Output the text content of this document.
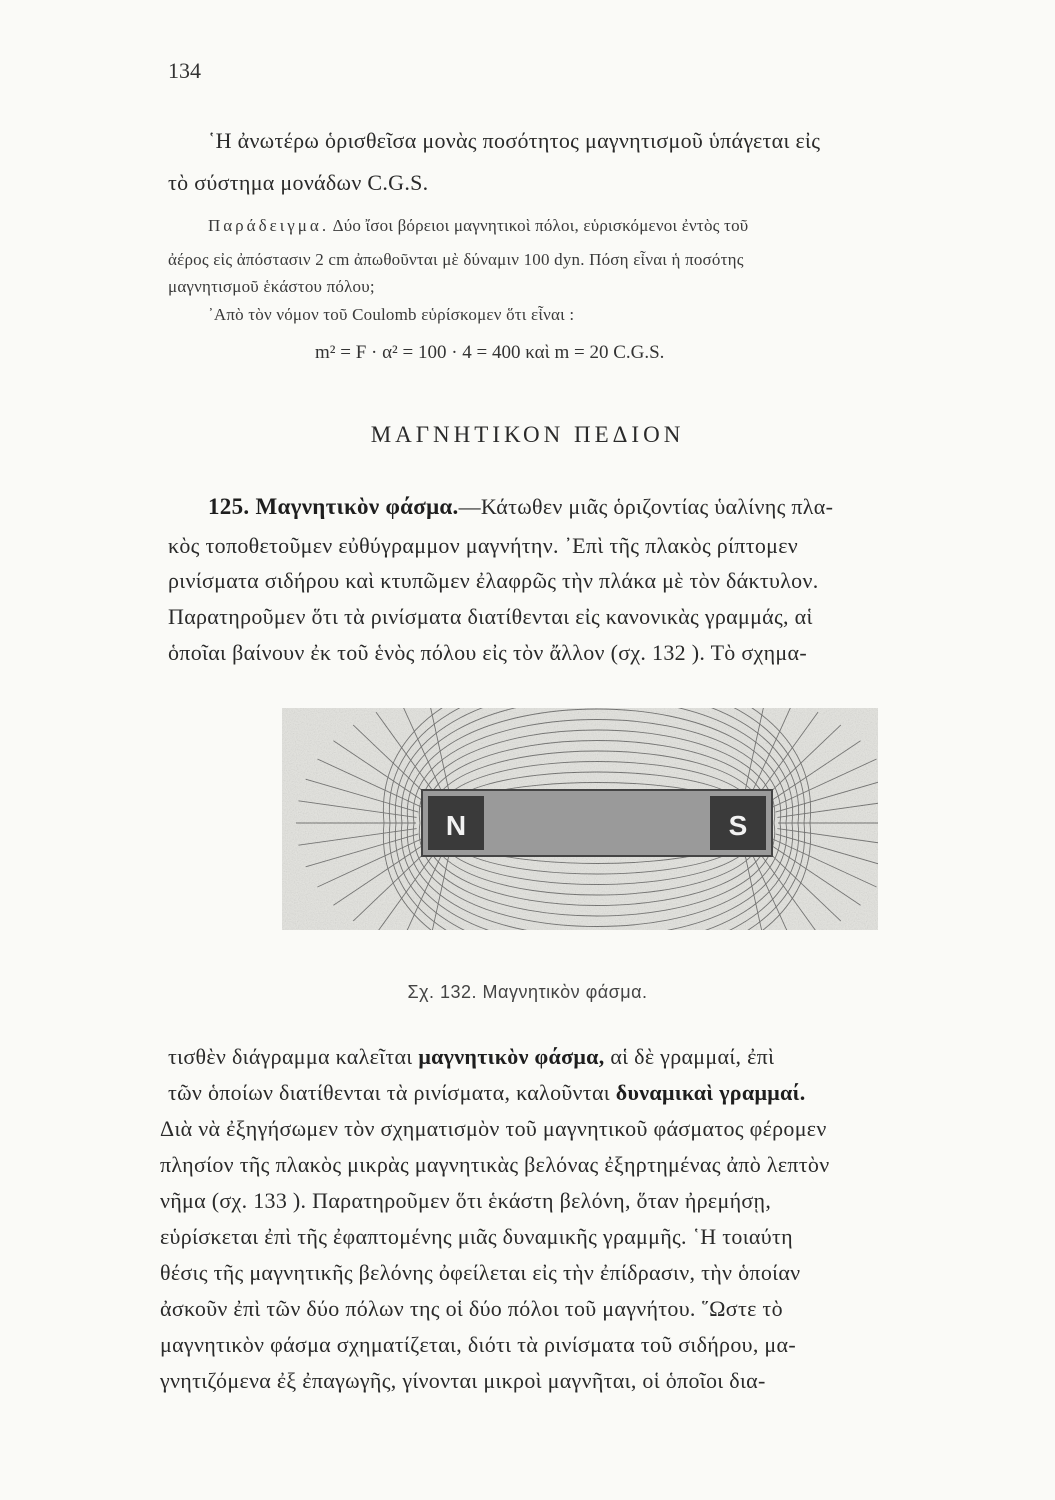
134
῾Η ἀνωτέρω ὁρισθεῖσα μονὰς ποσότητος μαγνητισμοῦ ὑπάγεται εἰς
τὸ σύστημα μονάδων C.G.S.
Παράδειγμα. Δύο ἴσοι βόρειοι μαγνητικοὶ πόλοι, εὑρισκόμενοι ἐντὸς τοῦ
ἀέρος εἰς ἀπόστασιν 2 cm ἀπωθοῦνται μὲ δύναμιν 100 dyn. Πόση εἶναι ἡ ποσότης
μαγνητισμοῦ ἑκάστου πόλου;
᾿Απὸ τὸν νόμον τοῦ Coulomb εὑρίσκομεν ὅτι εἶναι :
m² = F · α² = 100 · 4 = 400 καὶ m = 20 C.G.S.
ΜΑΓΝΗΤΙΚΟΝ ΠΕΔΙΟΝ
125. Μαγνητικὸν φάσμα.—Κάτωθεν μιᾶς ὁριζοντίας ὑαλίνης πλα-
κὸς τοποθετοῦμεν εὐθύγραμμον μαγνήτην. ᾿Επὶ τῆς πλακὸς ρίπτομεν
ρινίσματα σιδήρου καὶ κτυπῶμεν ἐλαφρῶς τὴν πλάκα μὲ τὸν δάκτυλον.
Παρατηροῦμεν ὅτι τὰ ρινίσματα διατίθενται εἰς κανονικὰς γραμμάς, αἱ
ὁποῖαι βαίνουν ἐκ τοῦ ἑνὸς πόλου εἰς τὸν ἄλλον (σχ. 132 ). Τὸ σχημα-
N	S
Σχ. 132. Μαγνητικὸν φάσμα.
τισθὲν διάγραμμα καλεῖται μαγνητικὸν φάσμα, αἱ δὲ γραμμαί, ἐπὶ
τῶν ὁποίων διατίθενται τὰ ρινίσματα, καλοῦνται δυναμικαὶ γραμμαί.
Διὰ νὰ ἐξηγήσωμεν τὸν σχηματισμὸν τοῦ μαγνητικοῦ φάσματος φέρομεν
πλησίον τῆς πλακὸς μικρὰς μαγνητικὰς βελόνας ἐξηρτημένας ἀπὸ λεπτὸν
νῆμα (σχ. 133 ). Παρατηροῦμεν ὅτι ἑκάστη βελόνη, ὅταν ἠρεμήσῃ,
εὑρίσκεται ἐπὶ τῆς ἐφαπτομένης μιᾶς δυναμικῆς γραμμῆς. ῾Η τοιαύτη
θέσις τῆς μαγνητικῆς βελόνης ὀφείλεται εἰς τὴν ἐπίδρασιν, τὴν ὁποίαν
ἀσκοῦν ἐπὶ τῶν δύο πόλων της οἱ δύο πόλοι τοῦ μαγνήτου. ῞Ωστε τὸ
μαγνητικὸν φάσμα σχηματίζεται, διότι τὰ ρινίσματα τοῦ σιδήρου, μα-
γνητιζόμενα ἐξ ἐπαγωγῆς, γίνονται μικροὶ μαγνῆται, οἱ ὁποῖοι δια-
